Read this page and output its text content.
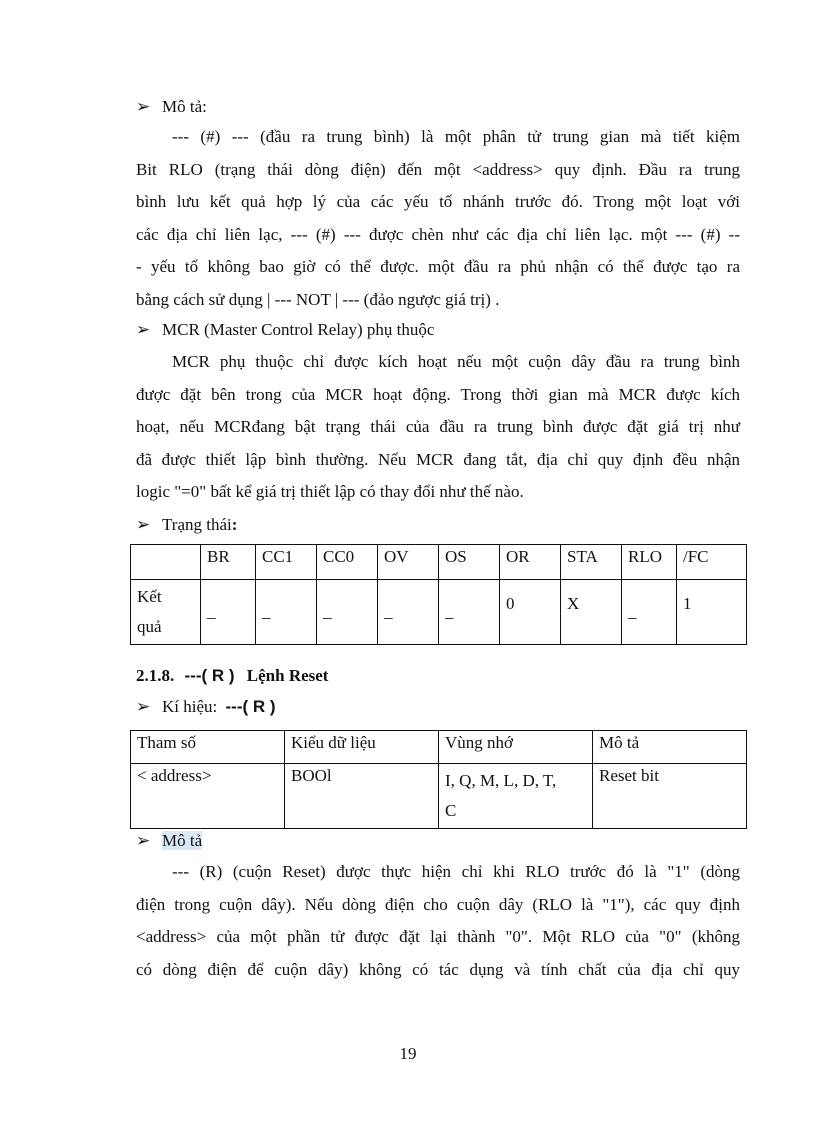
➢ Mô tả:
--- (#) --- (đầu ra trung bình) là một phân tử trung gian mà tiết kiệm
Bit RLO (trạng thái dòng điện) đến một <address> quy định. Đầu ra trung
bình lưu kết quả hợp lý của các yếu tố nhánh trước đó. Trong một loạt với
các địa chỉ liên lạc, --- (#) --- được chèn như các địa chỉ liên lạc. một --- (#) --
- yếu tố không bao giờ có thể được. một đầu ra phủ nhận có thể được tạo ra
bằng cách sử dụng | --- NOT | --- (đảo ngược giá trị) .
➢ MCR (Master Control Relay) phụ thuộc
MCR phụ thuộc chỉ được kích hoạt nếu một cuộn dây đầu ra trung bình
được đặt bên trong của MCR hoạt động. Trong thời gian mà MCR được kích
hoạt, nếu MCRđang bật trạng thái của đầu ra trung bình được đặt giá trị như
đã được thiết lập bình thường. Nếu MCR đang tắt, địa chỉ quy định đều nhận
logic "=0" bất kể giá trị thiết lập có thay đổi như thế nào.
➢ Trạng thái:
	BR	CC1	CC0	OV	OS	OR	STA	RLO	/FC
Kết
quả	_	_	_	_	_	0	X	_	1
2.1.8. ---( R ) Lệnh Reset
➢ Kí hiệu: ---( R )
Tham số	Kiểu dữ liệu	Vùng nhớ	Mô tả
< address>	BOOl	I, Q, M, L, D, T,
C	Reset bit
➢ Mô tả
--- (R) (cuộn Reset) được thực hiện chỉ khi RLO trước đó là "1" (dòng
điện trong cuộn dây). Nếu dòng điện cho cuộn dây (RLO là "1"), các quy định
<address> của một phần tử được đặt lại thành "0". Một RLO của "0" (không
có dòng điện để cuộn dây) không có tác dụng và tính chất của địa chỉ quy
19
